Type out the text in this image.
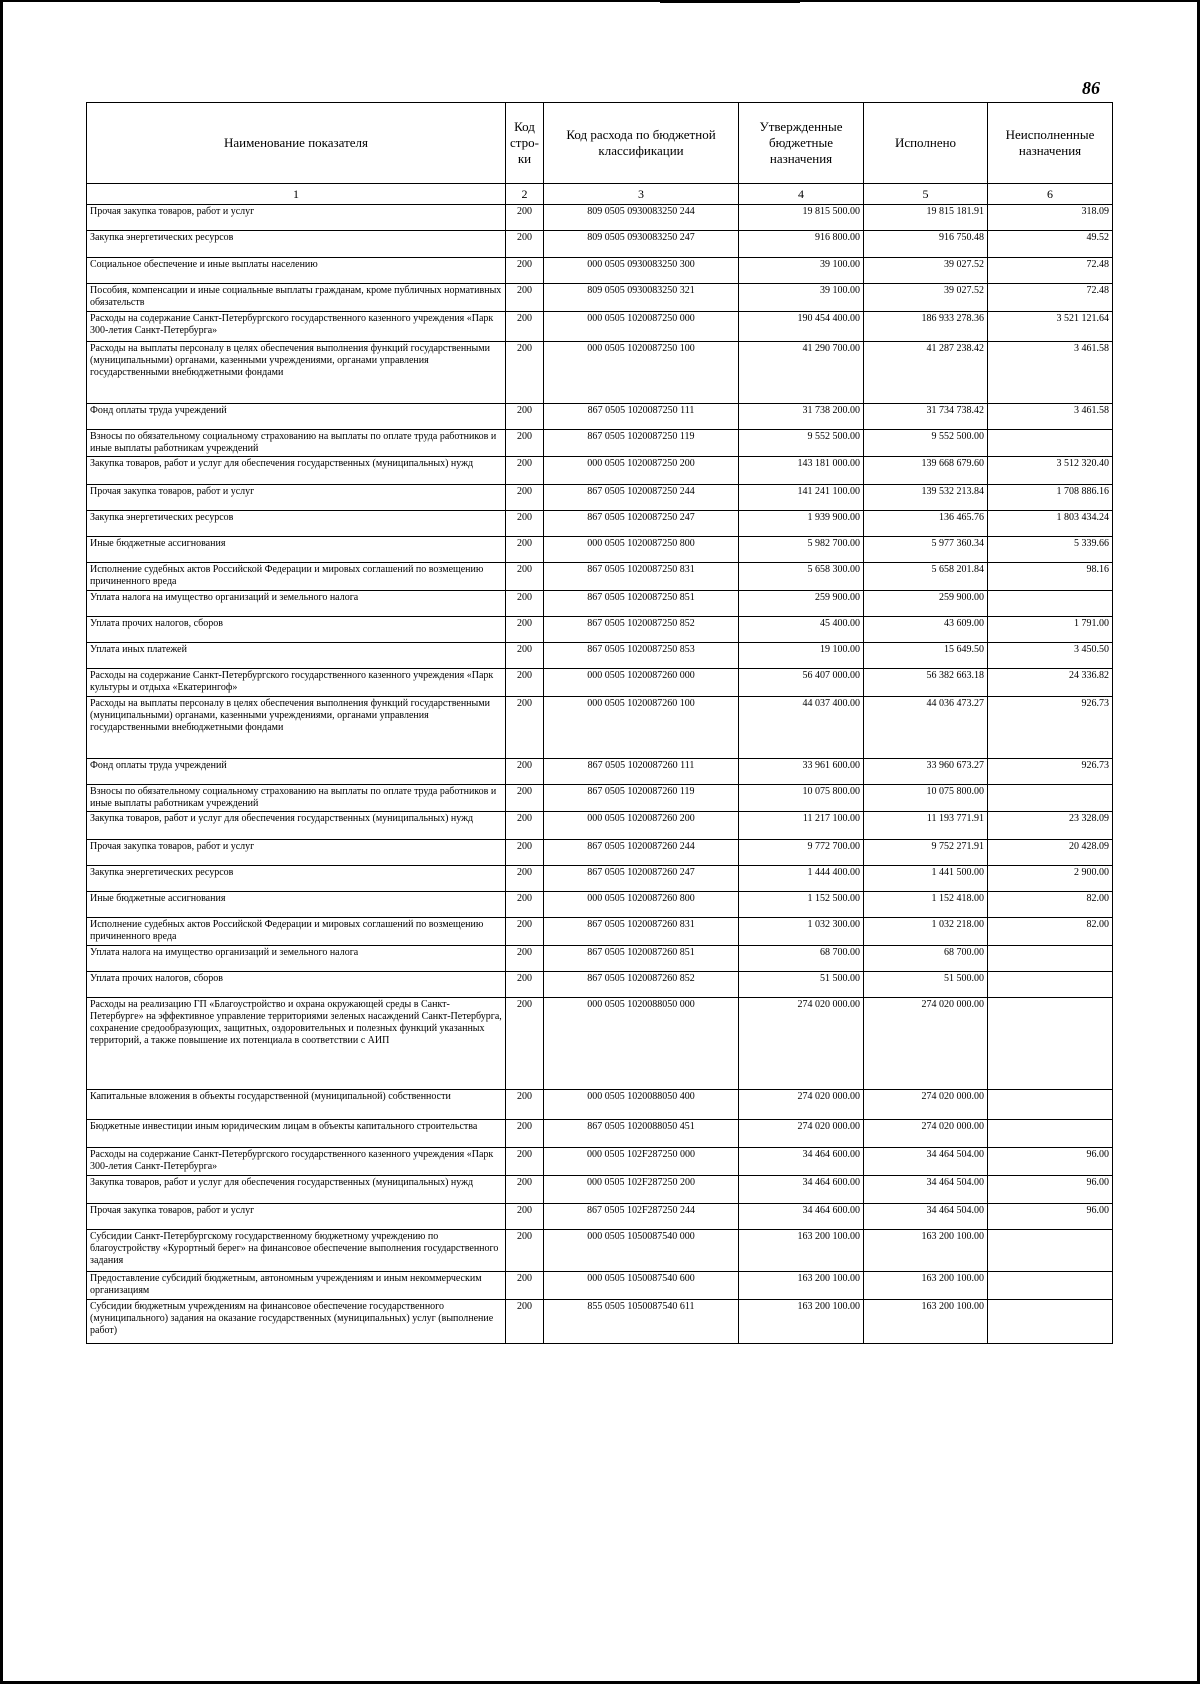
86
Наименование показателя	Код стро-ки	Код расхода по бюджетной классификации	Утвержденные бюджетные назначения	Исполнено	Неисполненные назначения
1	2	3	4	5	6
Прочая закупка товаров, работ и услуг	200	809 0505 0930083250 244	19 815 500.00	19 815 181.91	318.09
Закупка энергетических ресурсов	200	809 0505 0930083250 247	916 800.00	916 750.48	49.52
Социальное обеспечение и иные выплаты населению	200	000 0505 0930083250 300	39 100.00	39 027.52	72.48
Пособия, компенсации и иные социальные выплаты гражданам, кроме публичных нормативных обязательств	200	809 0505 0930083250 321	39 100.00	39 027.52	72.48
Расходы на содержание Санкт-Петербургского государственного казенного учреждения «Парк 300-летия Санкт-Петербурга»	200	000 0505 1020087250 000	190 454 400.00	186 933 278.36	3 521 121.64
Расходы на выплаты персоналу в целях обеспечения выполнения функций государственными (муниципальными) органами, казенными учреждениями, органами управления государственными внебюджетными фондами	200	000 0505 1020087250 100	41 290 700.00	41 287 238.42	3 461.58
Фонд оплаты труда учреждений	200	867 0505 1020087250 111	31 738 200.00	31 734 738.42	3 461.58
Взносы по обязательному социальному страхованию на выплаты по оплате труда работников и иные выплаты работникам учреждений	200	867 0505 1020087250 119	9 552 500.00	9 552 500.00	
Закупка товаров, работ и услуг для обеспечения государственных (муниципальных) нужд	200	000 0505 1020087250 200	143 181 000.00	139 668 679.60	3 512 320.40
Прочая закупка товаров, работ и услуг	200	867 0505 1020087250 244	141 241 100.00	139 532 213.84	1 708 886.16
Закупка энергетических ресурсов	200	867 0505 1020087250 247	1 939 900.00	136 465.76	1 803 434.24
Иные бюджетные ассигнования	200	000 0505 1020087250 800	5 982 700.00	5 977 360.34	5 339.66
Исполнение судебных актов Российской Федерации и мировых соглашений по возмещению причиненного вреда	200	867 0505 1020087250 831	5 658 300.00	5 658 201.84	98.16
Уплата налога на имущество организаций и земельного налога	200	867 0505 1020087250 851	259 900.00	259 900.00	
Уплата прочих налогов, сборов	200	867 0505 1020087250 852	45 400.00	43 609.00	1 791.00
Уплата иных платежей	200	867 0505 1020087250 853	19 100.00	15 649.50	3 450.50
Расходы на содержание Санкт-Петербургского государственного казенного учреждения «Парк культуры и отдыха «Екатерингоф»	200	000 0505 1020087260 000	56 407 000.00	56 382 663.18	24 336.82
Расходы на выплаты персоналу в целях обеспечения выполнения функций государственными (муниципальными) органами, казенными учреждениями, органами управления государственными внебюджетными фондами	200	000 0505 1020087260 100	44 037 400.00	44 036 473.27	926.73
Фонд оплаты труда учреждений	200	867 0505 1020087260 111	33 961 600.00	33 960 673.27	926.73
Взносы по обязательному социальному страхованию на выплаты по оплате труда работников и иные выплаты работникам учреждений	200	867 0505 1020087260 119	10 075 800.00	10 075 800.00	
Закупка товаров, работ и услуг для обеспечения государственных (муниципальных) нужд	200	000 0505 1020087260 200	11 217 100.00	11 193 771.91	23 328.09
Прочая закупка товаров, работ и услуг	200	867 0505 1020087260 244	9 772 700.00	9 752 271.91	20 428.09
Закупка энергетических ресурсов	200	867 0505 1020087260 247	1 444 400.00	1 441 500.00	2 900.00
Иные бюджетные ассигнования	200	000 0505 1020087260 800	1 152 500.00	1 152 418.00	82.00
Исполнение судебных актов Российской Федерации и мировых соглашений по возмещению причиненного вреда	200	867 0505 1020087260 831	1 032 300.00	1 032 218.00	82.00
Уплата налога на имущество организаций и земельного налога	200	867 0505 1020087260 851	68 700.00	68 700.00	
Уплата прочих налогов, сборов	200	867 0505 1020087260 852	51 500.00	51 500.00	
Расходы на реализацию ГП «Благоустройство и охрана окружающей среды в Санкт-Петербурге» на эффективное управление территориями зеленых насаждений Санкт-Петербурга, сохранение средообразующих, защитных, оздоровительных и полезных функций указанных территорий, а также повышение их потенциала в соответствии с АИП	200	000 0505 1020088050 000	274 020 000.00	274 020 000.00	
Капитальные вложения в объекты государственной (муниципальной) собственности	200	000 0505 1020088050 400	274 020 000.00	274 020 000.00	
Бюджетные инвестиции иным юридическим лицам в объекты капитального строительства	200	867 0505 1020088050 451	274 020 000.00	274 020 000.00	
Расходы на содержание Санкт-Петербургского государственного казенного учреждения «Парк 300-летия Санкт-Петербурга»	200	000 0505 102F287250 000	34 464 600.00	34 464 504.00	96.00
Закупка товаров, работ и услуг для обеспечения государственных (муниципальных) нужд	200	000 0505 102F287250 200	34 464 600.00	34 464 504.00	96.00
Прочая закупка товаров, работ и услуг	200	867 0505 102F287250 244	34 464 600.00	34 464 504.00	96.00
Субсидии Санкт-Петербургскому государственному бюджетному учреждению по благоустройству «Курортный берег» на финансовое обеспечение выполнения государственного задания	200	000 0505 1050087540 000	163 200 100.00	163 200 100.00	
Предоставление субсидий бюджетным, автономным учреждениям и иным некоммерческим организациям	200	000 0505 1050087540 600	163 200 100.00	163 200 100.00	
Субсидии бюджетным учреждениям на финансовое обеспечение государственного (муниципального) задания на оказание государственных (муниципальных) услуг (выполнение работ)	200	855 0505 1050087540 611	163 200 100.00	163 200 100.00	
